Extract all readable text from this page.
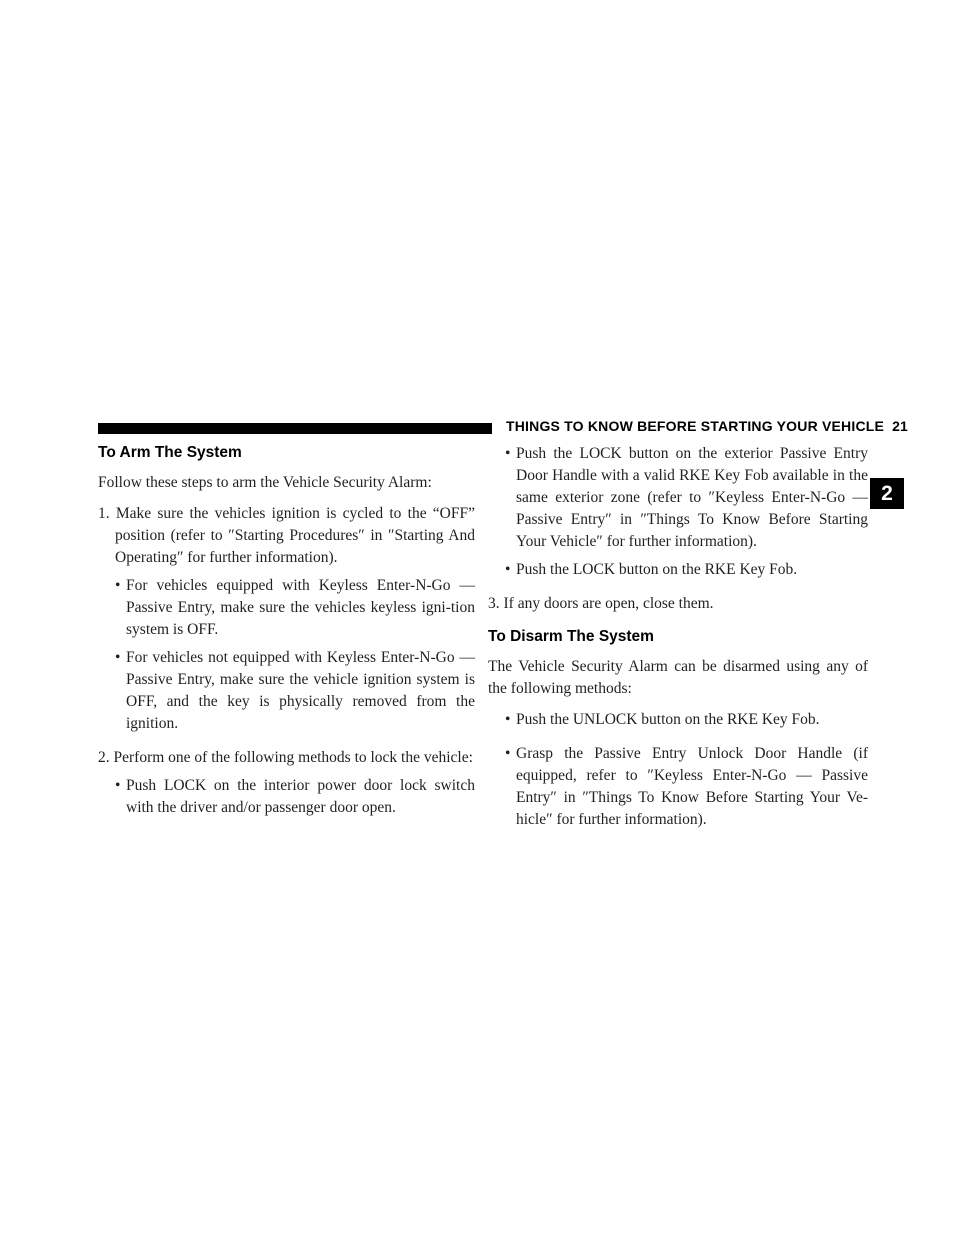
THINGS TO KNOW BEFORE STARTING YOUR VEHICLE 21
2
To Arm The System

Follow these steps to arm the Vehicle Security Alarm:

1. Make sure the vehicles ignition is cycled to the “OFF” position (refer to ″Starting Procedures″ in ″Starting And Operating″ for further information).
• For vehicles equipped with Keyless Enter-N-Go — Passive Entry, make sure the vehicles keyless igni-tion system is OFF.
• For vehicles not equipped with Keyless Enter-N-Go — Passive Entry, make sure the vehicle ignition system is OFF, and the key is physically removed from the ignition.
2. Perform one of the following methods to lock the vehicle:
• Push LOCK on the interior power door lock switch with the driver and/or passenger door open.
• Push the LOCK button on the exterior Passive Entry Door Handle with a valid RKE Key Fob available in the same exterior zone (refer to ″Keyless Enter-N-Go — Passive Entry″ in ″Things To Know Before Starting Your Vehicle″ for further information).
• Push the LOCK button on the RKE Key Fob.
3. If any doors are open, close them.
To Disarm The System

The Vehicle Security Alarm can be disarmed using any of the following methods:

• Push the UNLOCK button on the RKE Key Fob.
• Grasp the Passive Entry Unlock Door Handle (if equipped, refer to ″Keyless Enter-N-Go — Passive Entry″ in ″Things To Know Before Starting Your Ve-hicle″ for further information).
